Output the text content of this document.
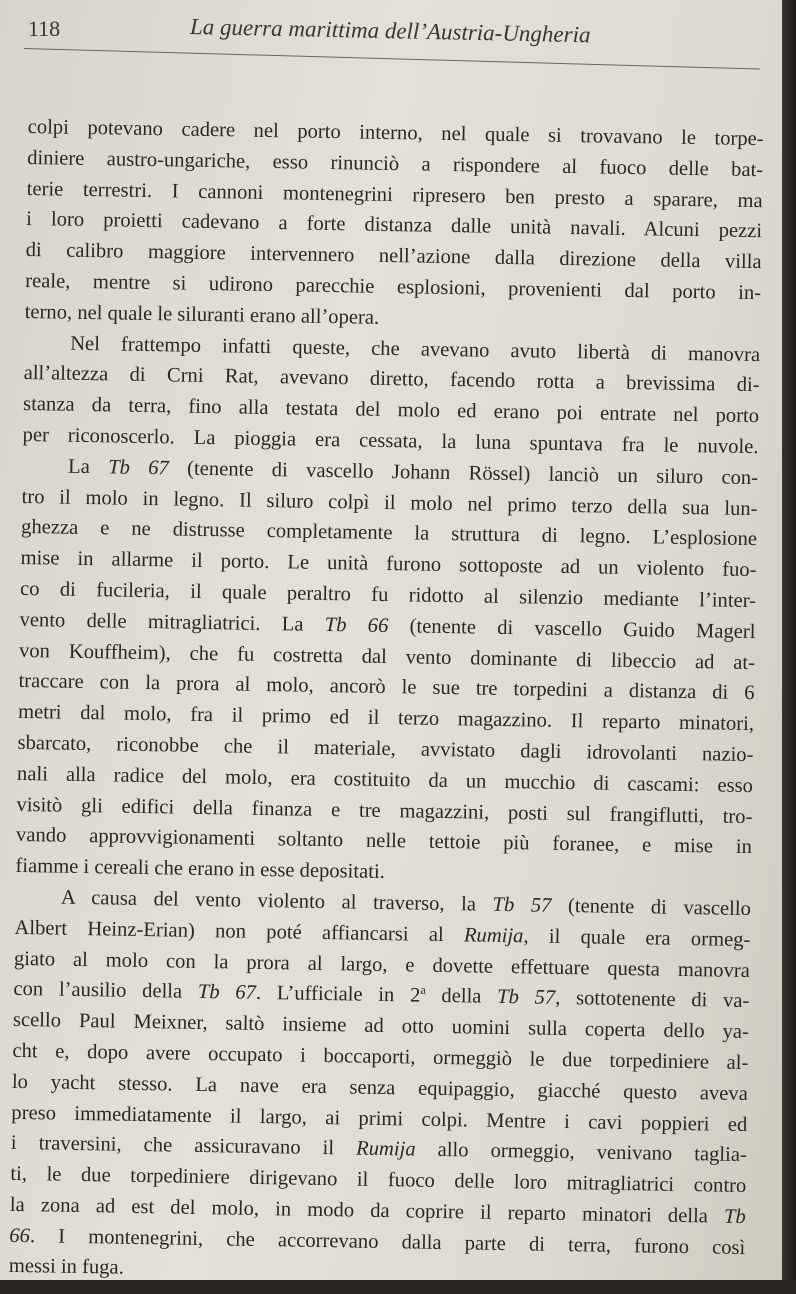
118	La guerra marittima dell’Austria-Ungheria
colpi potevano cadere nel porto interno, nel quale si trovavano le torpe-
diniere austro-ungariche, esso rinunciò a rispondere al fuoco delle bat-
terie terrestri. I cannoni montenegrini ripresero ben presto a sparare, ma
i loro proietti cadevano a forte distanza dalle unità navali. Alcuni pezzi
di calibro maggiore intervennero nell’azione dalla direzione della villa
reale, mentre si udirono parecchie esplosioni, provenienti dal porto in-
terno, nel quale le siluranti erano all’opera.
Nel frattempo infatti queste, che avevano avuto libertà di manovra
all’altezza di Crni Rat, avevano diretto, facendo rotta a brevissima di-
stanza da terra, fino alla testata del molo ed erano poi entrate nel porto
per riconoscerlo. La pioggia era cessata, la luna spuntava fra le nuvole.
La Tb 67 (tenente di vascello Johann Rössel) lanciò un siluro con-
tro il molo in legno. Il siluro colpì il molo nel primo terzo della sua lun-
ghezza e ne distrusse completamente la struttura di legno. L’esplosione
mise in allarme il porto. Le unità furono sottoposte ad un violento fuo-
co di fucileria, il quale peraltro fu ridotto al silenzio mediante l’inter-
vento delle mitragliatrici. La Tb 66 (tenente di vascello Guido Magerl
von Kouffheim), che fu costretta dal vento dominante di libeccio ad at-
traccare con la prora al molo, ancorò le sue tre torpedini a distanza di 6
metri dal molo, fra il primo ed il terzo magazzino. Il reparto minatori,
sbarcato, riconobbe che il materiale, avvistato dagli idrovolanti nazio-
nali alla radice del molo, era costituito da un mucchio di cascami: esso
visitò gli edifici della finanza e tre magazzini, posti sul frangiflutti, tro-
vando approvvigionamenti soltanto nelle tettoie più foranee, e mise in
fiamme i cereali che erano in esse depositati.
A causa del vento violento al traverso, la Tb 57 (tenente di vascello
Albert Heinz-Erian) non poté affiancarsi al Rumija, il quale era ormeg-
giato al molo con la prora al largo, e dovette effettuare questa manovra
con l’ausilio della Tb 67. L’ufficiale in 2$^a$ della Tb 57, sottotenente di va-
scello Paul Meixner, saltò insieme ad otto uomini sulla coperta dello ya-
cht e, dopo avere occupato i boccaporti, ormeggiò le due torpediniere al-
lo yacht stesso. La nave era senza equipaggio, giacché questo aveva
preso immediatamente il largo, ai primi colpi. Mentre i cavi poppieri ed
i traversini, che assicuravano il Rumija allo ormeggio, venivano taglia-
ti, le due torpediniere dirigevano il fuoco delle loro mitragliatrici contro
la zona ad est del molo, in modo da coprire il reparto minatori della Tb
66. I montenegrini, che accorrevano dalla parte di terra, furono così
messi in fuga.
